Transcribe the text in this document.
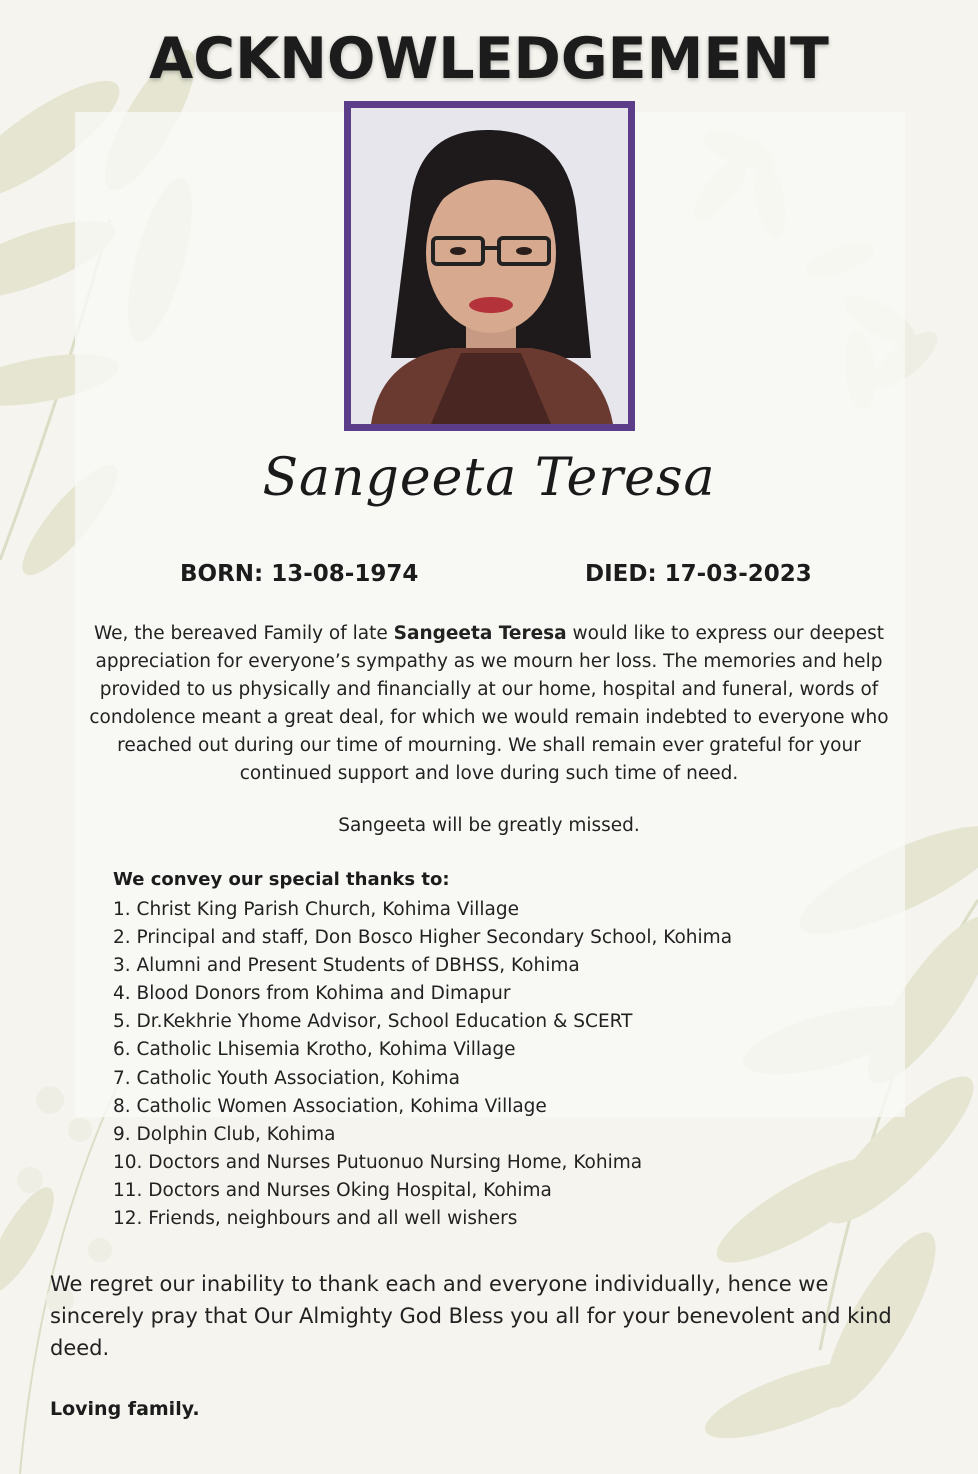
ACKNOWLEDGEMENT
Sangeeta Teresa
BORN: 13-08-1974	DIED: 17-03-2023
We, the bereaved Family of late Sangeeta Teresa would like to express our deepest appreciation for everyone’s sympathy as we mourn her loss. The memories and help provided to us physically and financially at our home, hospital and funeral, words of condolence meant a great deal, for which we would remain indebted to everyone who reached out during our time of mourning. We shall remain ever grateful for your continued support and love during such time of need.
Sangeeta will be greatly missed.
We convey our special thanks to:
1. Christ King Parish Church, Kohima Village
2. Principal and staff, Don Bosco Higher Secondary School, Kohima
3. Alumni and Present Students of DBHSS, Kohima
4. Blood Donors from Kohima and Dimapur
5. Dr.Kekhrie Yhome Advisor, School Education & SCERT
6. Catholic Lhisemia Krotho, Kohima Village
7. Catholic Youth Association, Kohima
8. Catholic Women Association, Kohima Village
9. Dolphin Club, Kohima
10. Doctors and Nurses Putuonuo Nursing Home, Kohima
11. Doctors and Nurses Oking Hospital, Kohima
12. Friends, neighbours and all well wishers
We regret our inability to thank each and everyone individually, hence we sincerely pray that Our Almighty God Bless you all for your benevolent and kind deed.
Loving family.
